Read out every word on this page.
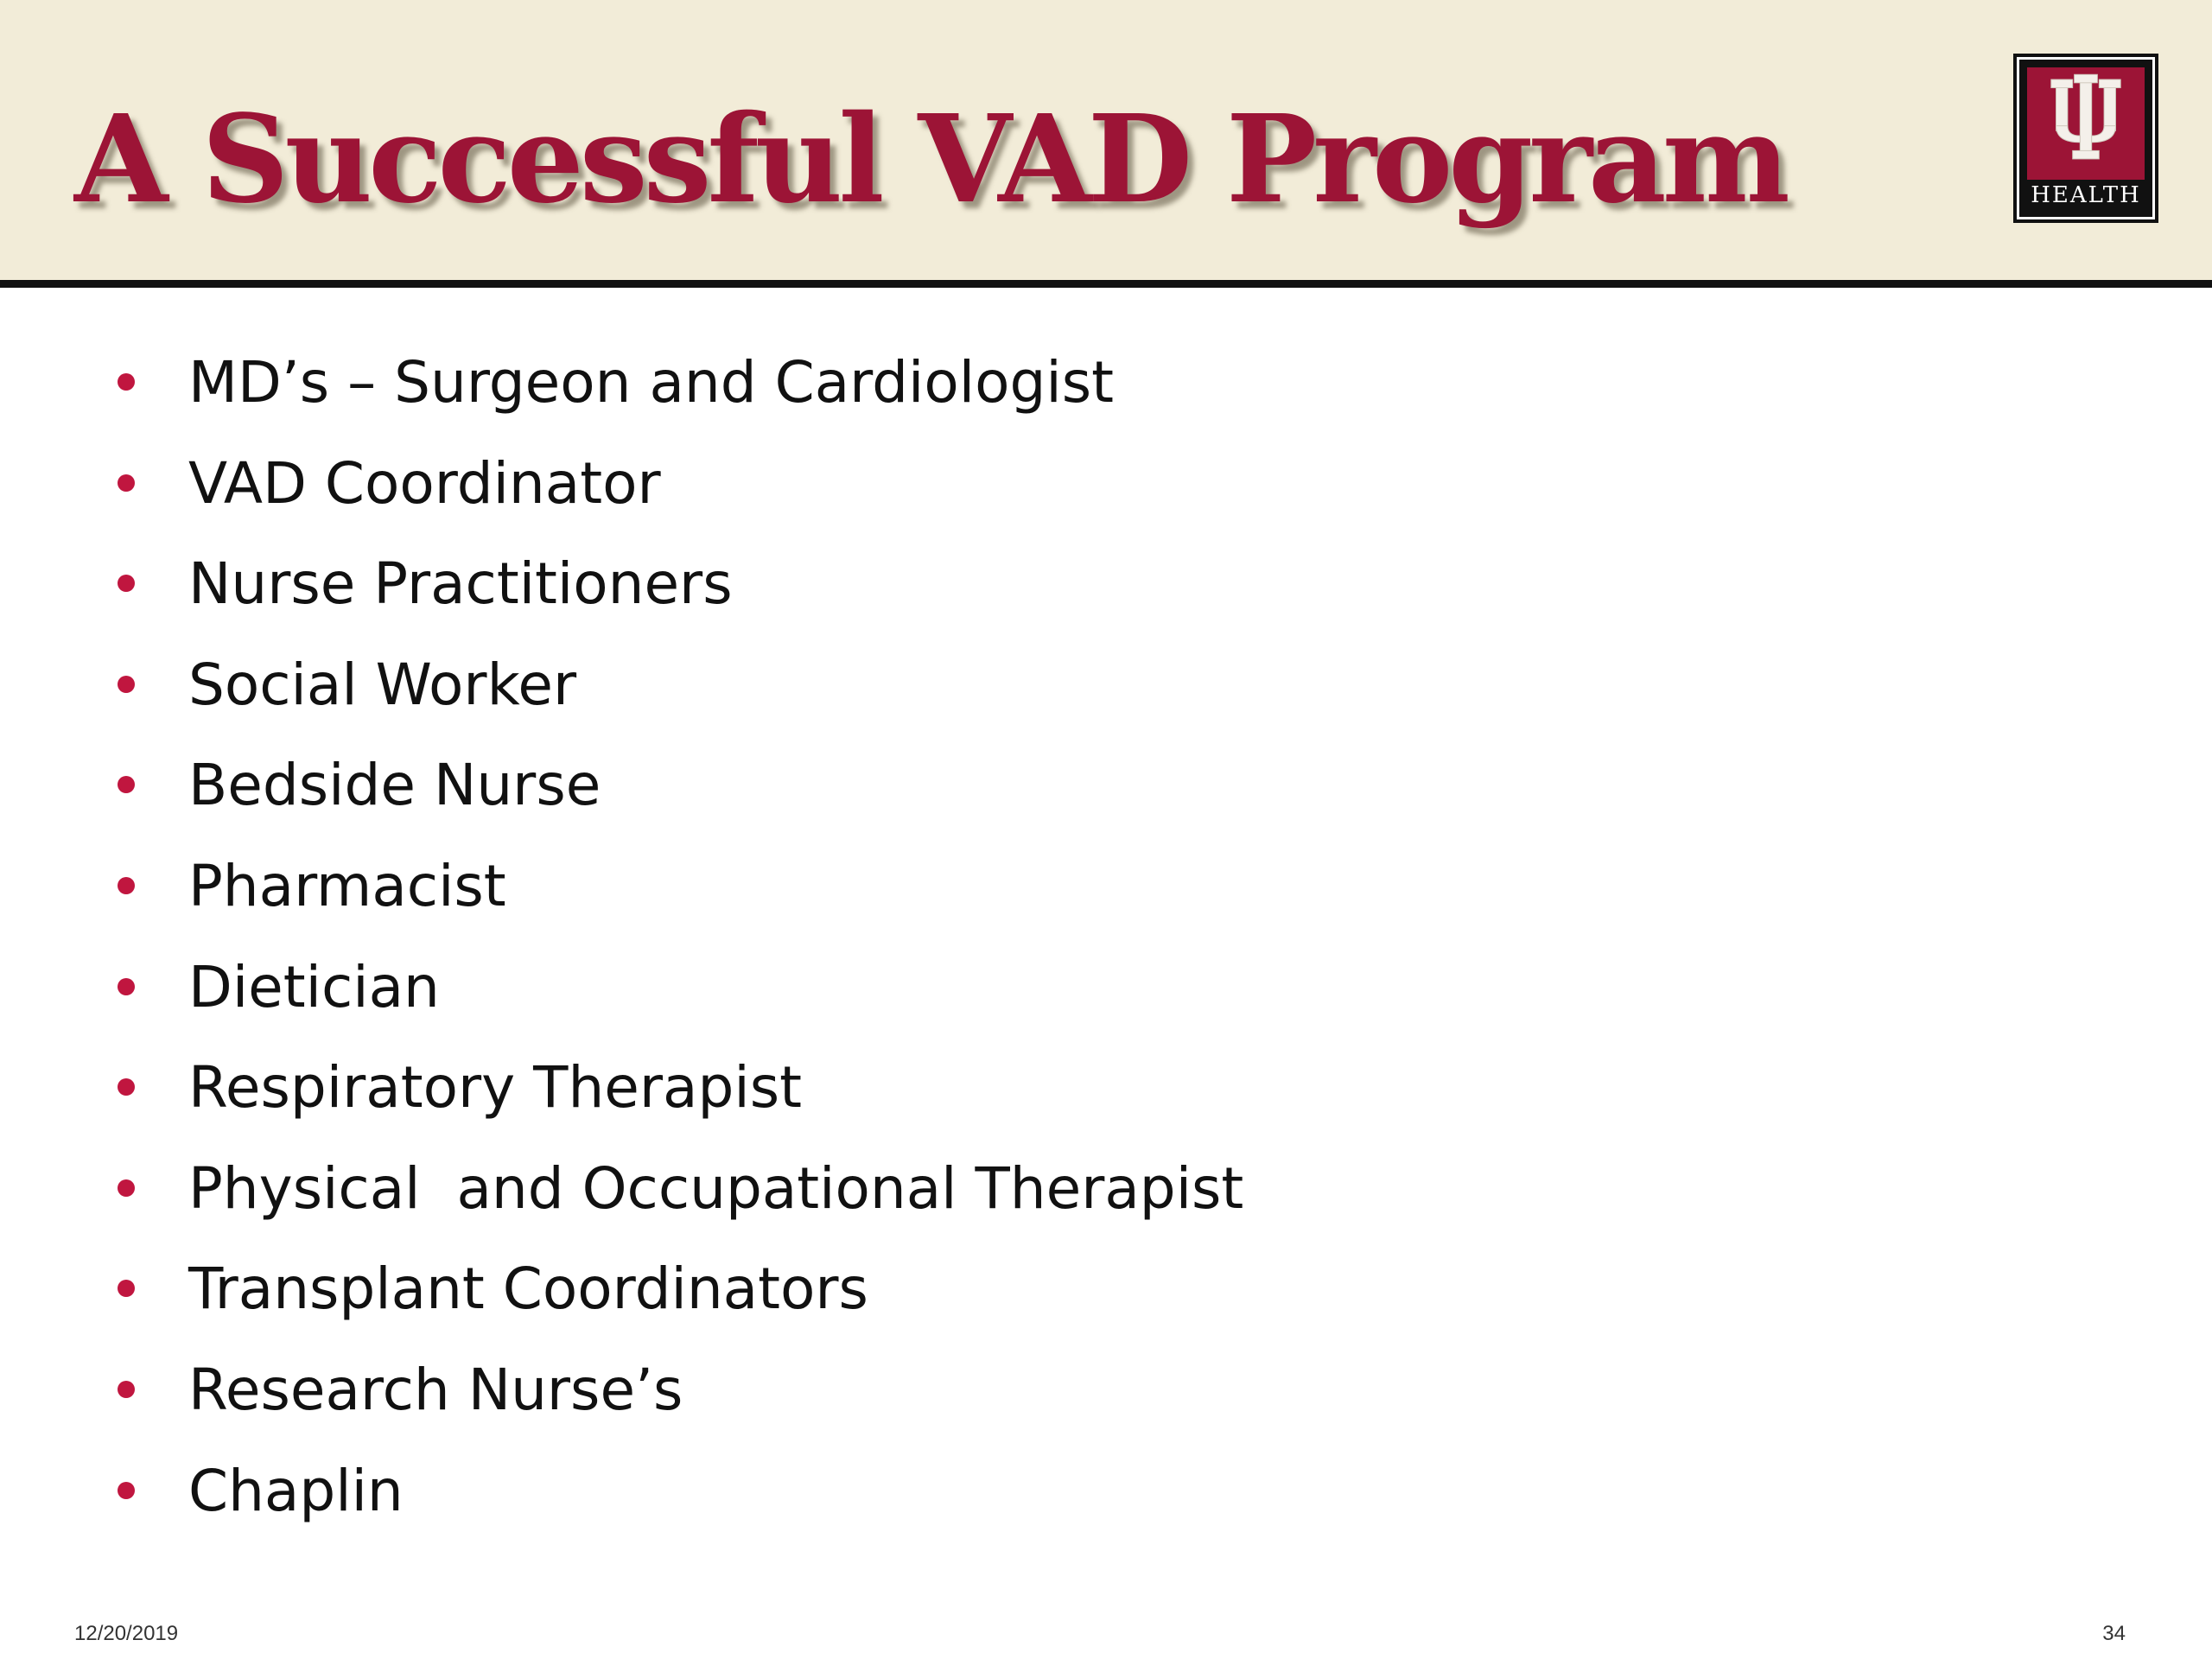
A Successful VAD Program	HEALTH
MD’s – Surgeon and Cardiologist
VAD Coordinator
Nurse Practitioners
Social Worker
Bedside Nurse
Pharmacist
Dietician
Respiratory Therapist
Physical  and Occupational Therapist
Transplant Coordinators
Research Nurse’s
Chaplin
12/20/2019	34
